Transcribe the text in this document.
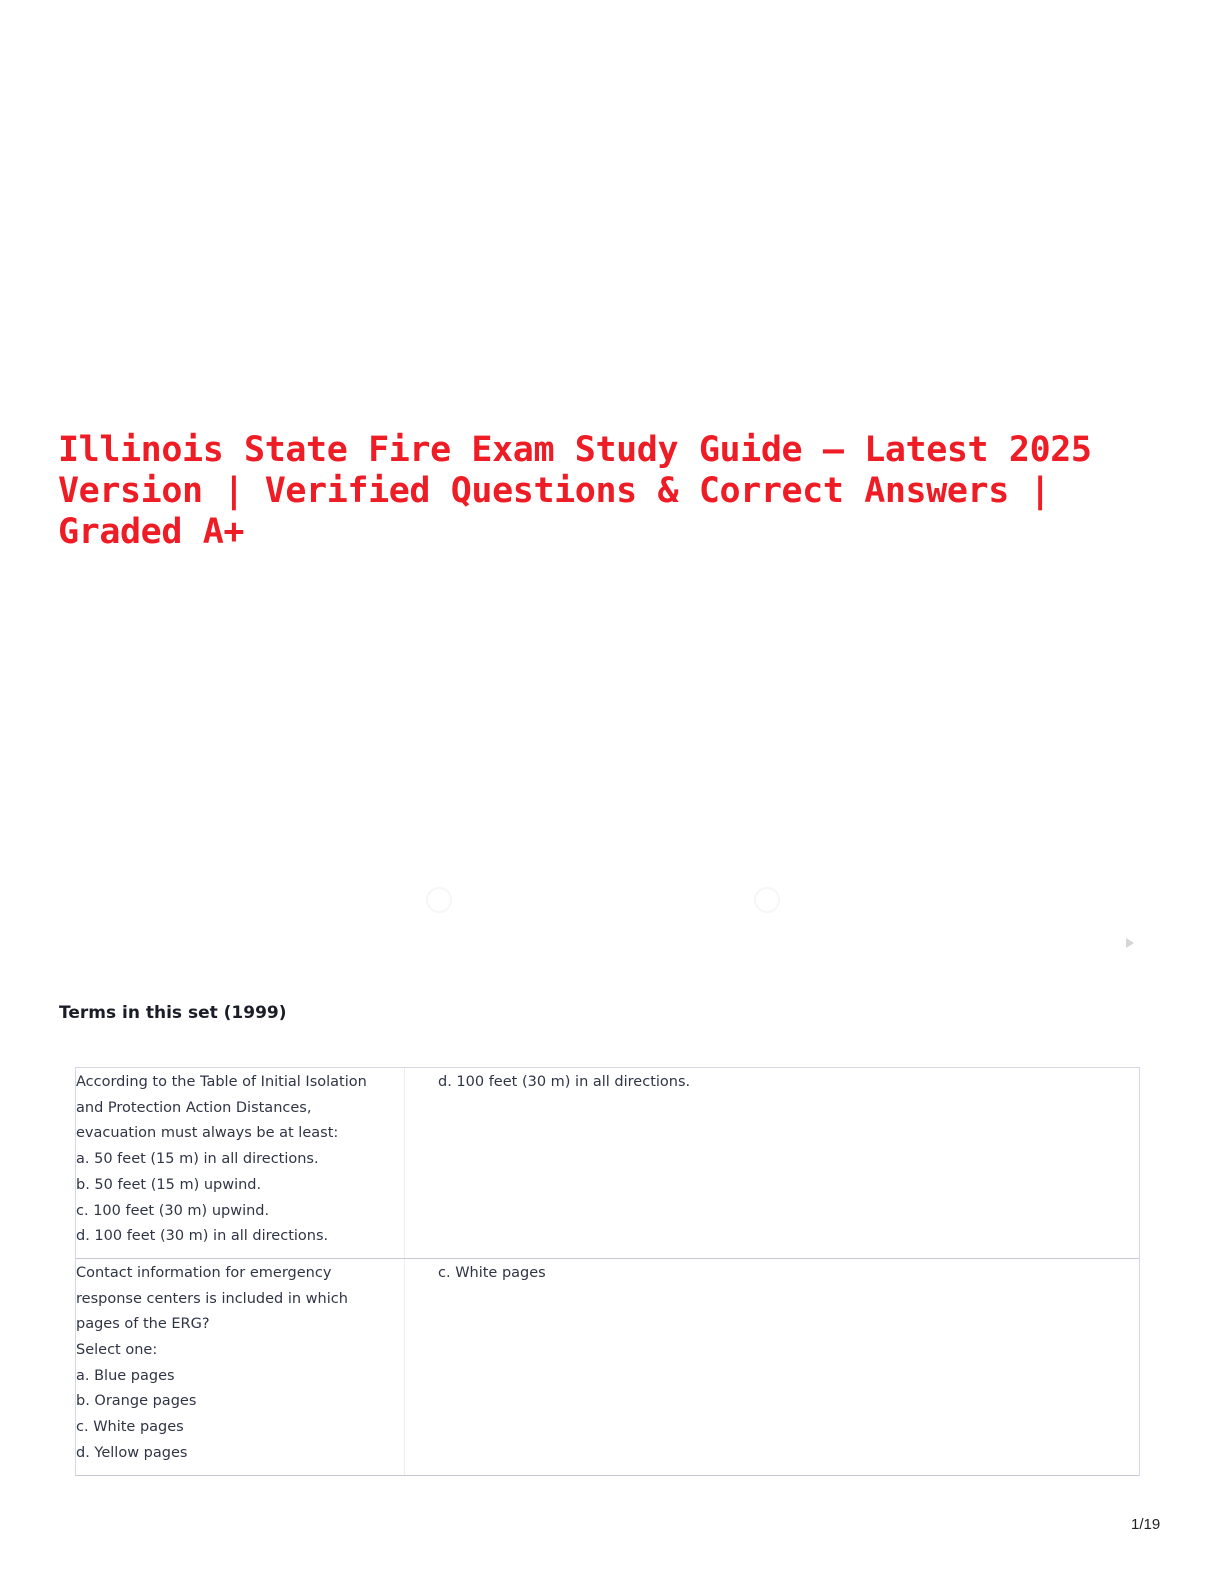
Illinois State Fire Exam Study Guide – Latest 2025 Version | Verified Questions & Correct Answers | Graded A+
Terms in this set (1999)
According to the Table of Initial Isolation
and Protection Action Distances,
evacuation must always be at least:
a. 50 feet (15 m) in all directions.
b. 50 feet (15 m) upwind.
c. 100 feet (30 m) upwind.
d. 100 feet (30 m) in all directions.
d. 100 feet (30 m) in all directions.
Contact information for emergency
response centers is included in which
pages of the ERG?
Select one:
a. Blue pages
b. Orange pages
c. White pages
d. Yellow pages
c. White pages
1/19
